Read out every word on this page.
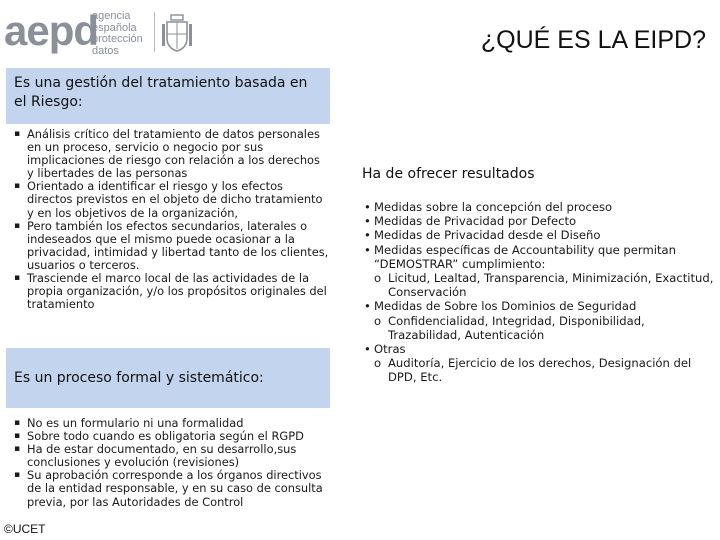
aepd
agencia
española
protección
datos	¿QUÉ ES LA EIPD?
Es una gestión del tratamiento basada en el Riesgo:
▪ Análisis crítico del tratamiento de datos personales en un proceso, servicio o negocio por sus implicaciones de riesgo con relación a los derechos y libertades de las personas
▪ Orientado a identificar el riesgo y los efectos directos previstos en el objeto de dicho tratamiento y en los objetivos de la organización,
▪ Pero también los efectos secundarios, laterales o indeseados que el mismo puede ocasionar a la privacidad, intimidad y libertad tanto de los clientes, usuarios o terceros.
▪ Trasciende el marco local de las actividades de la propia organización, y/o los propósitos originales del tratamiento
Es un proceso formal y sistemático:
▪ No es un formulario ni una formalidad
▪ Sobre todo cuando es obligatoria según el RGPD
▪ Ha de estar documentado, en su desarrollo,sus conclusiones y evolución (revisiones)
▪ Su aprobación corresponde a los órganos directivos de la entidad responsable, y en su caso de consulta previa, por las Autoridades de Control
Ha de ofrecer resultados
• Medidas sobre la concepción del proceso
• Medidas de Privacidad por Defecto
• Medidas de Privacidad desde el Diseño
• Medidas específicas de Accountability que permitan “DEMOSTRAR” cumplimiento:
o Licitud, Lealtad, Transparencia, Minimización, Exactitud, Conservación
• Medidas de Sobre los Dominios de Seguridad
o Confidencialidad, Integridad, Disponibilidad, Trazabilidad, Autenticación
• Otras
o Auditoría, Ejercicio de los derechos, Designación del DPD, Etc.
©UCET
